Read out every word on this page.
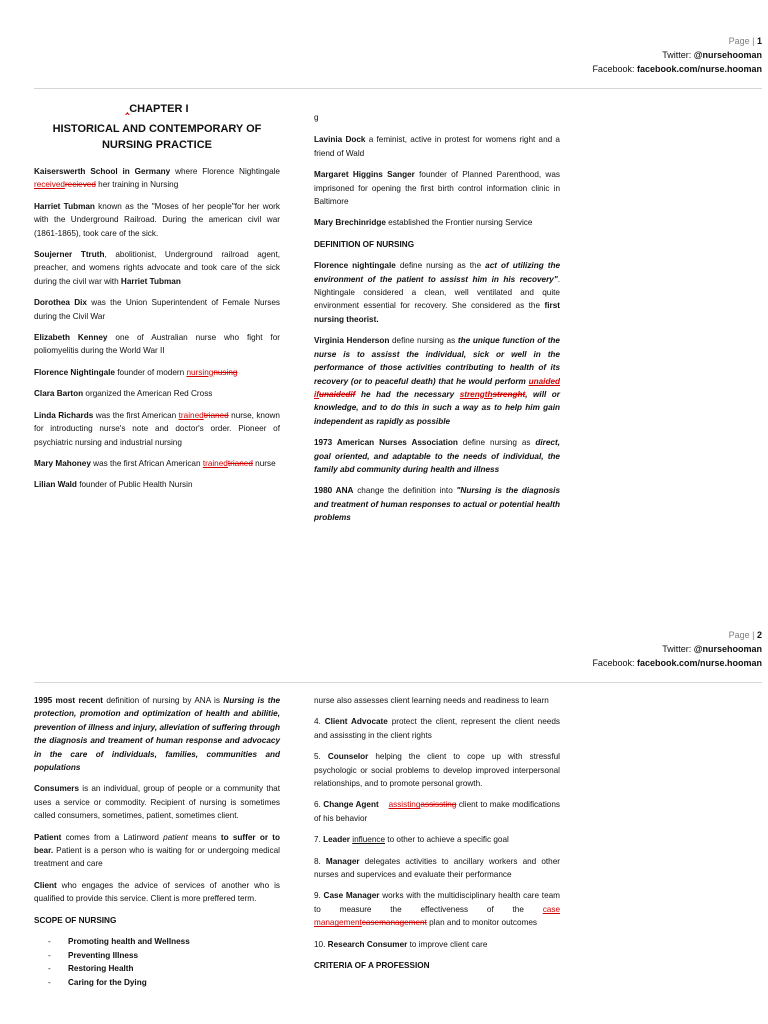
Page | 1
Twitter: @nursehooman
Facebook: facebook.com/nurse.hooman
‸CHAPTER I
HISTORICAL AND CONTEMPORARY OF
NURSING PRACTICE

Kaiserswerth School in Germany where Florence Nightingale receivedrecieved her training in Nursing

Harriet Tubman known as the "Moses of her people"for her work with the Underground Railroad. During the american civil war (1861-1865), took care of the sick.

Soujerner Ttruth, abolitionist, Underground railroad agent, preacher, and womens rights advocate and took care of the sick during the civil war with Harriet Tubman

Dorothea Dix was the Union Superintendent of Female Nurses during the Civil War

Elizabeth Kenney one of Australian nurse who fight for poliomyelitis during the World War II

Florence Nightingale founder of modern nursingnusing

Clara Barton organized the American Red Cross

Linda Richards was the first American trainedtrianed nurse, known for introducting nurse's note and doctor's order. Pioneer of psychiatric nursing and industrial nursing

Mary Mahoney was the first African American trainedtrianed nurse

Lilian Wald founder of Public Health Nursin

g

Lavinia Dock a feminist, active in protest for womens right and a friend of Wald

Margaret Higgins Sanger founder of Planned Parenthood, was imprisoned for opening the first birth control information clinic in Baltimore

Mary Brechinridge established the Frontier nursing Service

DEFINITION OF NURSING

Florence nightingale define nursing as the act of utilizing the environment of the patient to assisst him in his recovery". Nightingale considered a clean, well ventilated and quite environment essential for recovery. She considered as the first nursing theorist.

Virginia Henderson define nursing as the unique function of the nurse is to assisst the individual, sick or well in the performance of those activities contributing to health of its recovery (or to peaceful death) that he would perform unaided ifunaidedif he had the necessary strengthstrenght, will or knowledge, and to do this in such a way as to help him gain independent as rapidly as possible

1973 American Nurses Association define nursing as direct, goal oriented, and adaptable to the needs of individual, the family abd community during health and illness

1980 ANA change the definition into "Nursing is the diagnosis and treatment of human responses to actual or potential health problems

Page | 2
Twitter: @nursehooman
Facebook: facebook.com/nurse.hooman

1995 most recent definition of nursing by ANA is Nursing is the protection, promotion and optimization of health and abilitie, prevention of illness and injury, alleviation of suffering through the diagnosis and treament of human response and advocacy in the care of individuals, families, communities and populations

Consumers is an individual, group of people or a community that uses a service or commodity. Recipient of nursing is sometimes called consumers, sometimes, patient, sometimes client.

Patient comes from a Latinword patient means to suffer or to bear. Patient is a person who is waiting for or undergoing medical treatment and care

Client who engages the advice of services of another who is qualified to provide this service. Client is more preffered term.

SCOPE OF NURSING

- Promoting health and Wellness
- Preventing Illness
- Restoring Health
- Caring for the Dying

nurse also assesses client learning needs and readiness to learn

4. Client Advocate protect the client, represent the client needs and assissting in the client rights

5. Counselor helping the client to cope up with stressful psychologic or social problems to develop improved interpersonal relationships, and to promote personal growth.

6. Change Agent assistingassissting client to make modifications of his behavior

7. Leader influence to other to achieve a specific goal

8. Manager delegates activities to ancillary workers and other nurses and supervices and evaluate their performance

9. Case Manager works with the multidisciplinary health care team to measure the effectiveness of the case managementcasemanagement plan and to monitor outcomes

10. Research Consumer to improve client care

CRITERIA OF A PROFESSION
